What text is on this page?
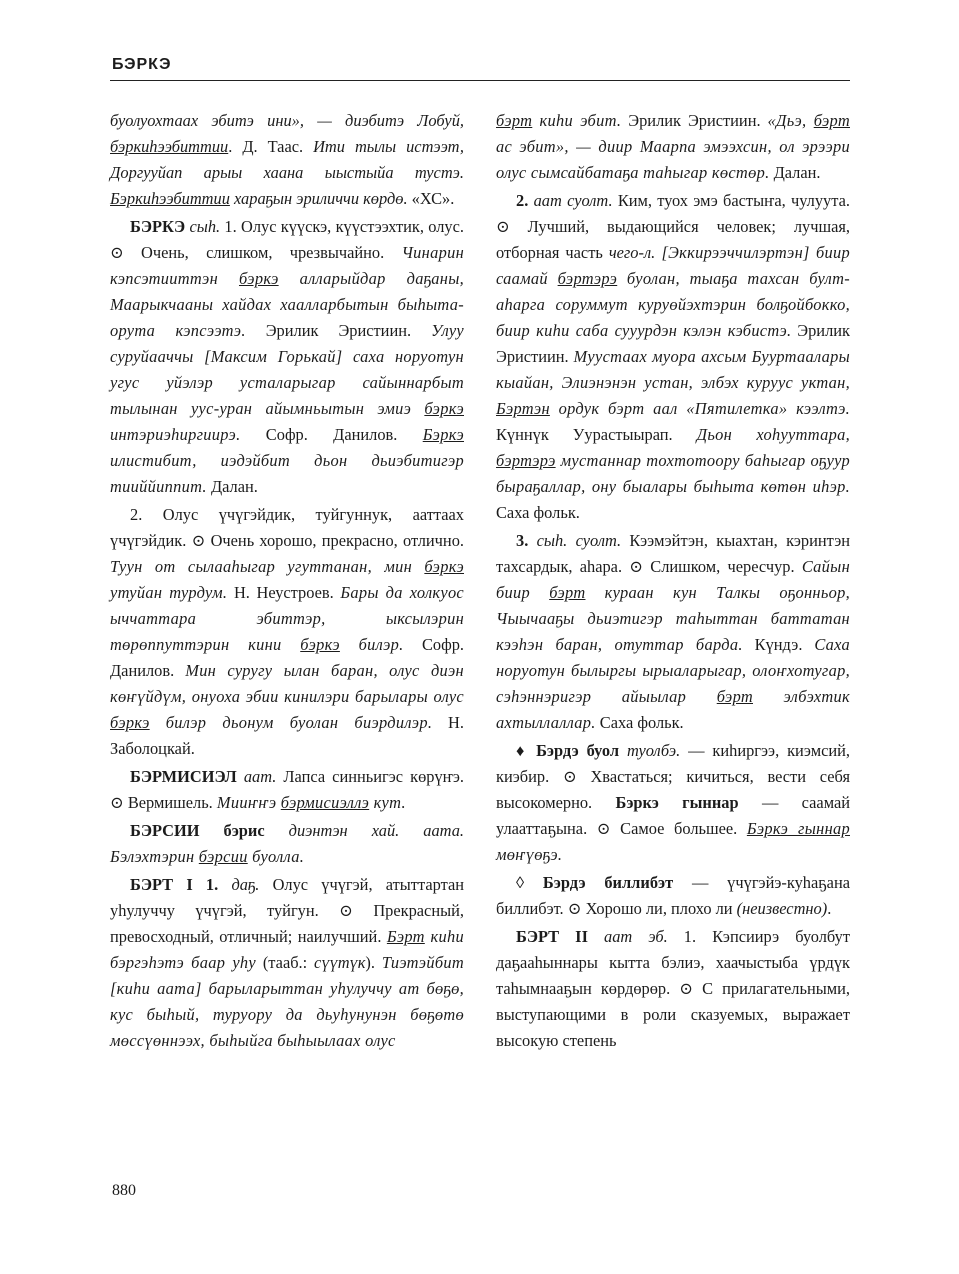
БЭРКЭ

буолуохтаах эбитэ ини», — диэбитэ Лобуй, бэркиһээбиттии. Д. Таас. Ити тылы истээт, Доргууйап арыы хаана ыыстыйа тустэ. Бэркиһээбиттии хараҕын эриличчи көрдө. «ХС».

БЭРКЭ сыһ. 1. Олус күүскэ, күүстээхтик, олус. ⊙ Очень, слишком, чрезвычайно. Чинарин кэпсэтииттэн бэркэ алларыйдар даҕаны, Маарыкчааны хайдах хаалларбытын быһыта-орута кэпсээтэ. Эрилик Эристиин. Улуу суруйааччы [Максим Горькай] саха норуотун угус уйэлэр усталарыгар сайыннарбыт тылынан уус-уран айымньытын эмиэ бэркэ интэриэһиргиирэ. Софр. Данилов. Бэркэ илистибит, иэдэйбит дьон дьиэбитигэр тииййиппит. Далан.

2. Олус үчүгэйдик, туйгуннук, ааттаах үчүгэйдик. ⊙ Очень хорошо, прекрасно, отлично. Туун от сылааһыгар угуттанан, мин бэркэ утуйан турдум. Н. Неустроев. Бары да холкуос ыччаттара эбиттэр, ыксылэрин төрөппуттэрин кини бэркэ билэр. Софр. Данилов. Мин суругу ылан баран, олус диэн көҥүйдүм, онуоха эбии кинилэри барылары олус бэркэ билэр дьонум буолан биэрдилэр. Н. Заболоцкай.

БЭРМИСИЭЛ аат. Лапса синньигэс көрүҥэ. ⊙ Вермишель. Мииҥҥэ бэрмисиэллэ кут.

БЭРСИИ бэрис диэнтэн хай. аата. Бэлэхтэрин бэрсии буолла.

БЭРТ I 1. даҕ. Олус үчүгэй, атыттартан уһулуччу үчүгэй, туйгун. ⊙ Прекрасный, превосходный, отличный; наилучший. Бэрт киһи бэргэһэтэ баар уһу (тааб.: сүүтүк). Тиэтэйбит [киһи аата] барыларыттан уһулуччу ат бөҕө, кус быһый, туруору да дьуһунунэн бөҕөтө мөссүөннээх, быһыйга быһыылаах олус

бэрт киһи эбит. Эрилик Эристиин. «Дьэ, бэрт ас эбит», — диир Маарпа эмээхсин, ол эрээри олус сымсайбатаҕа таһыгар көстөр. Далан.

2. аат суолт. Ким, туох эмэ бастыҥа, чулуута. ⊙ Лучший, выдающийся человек; лучшая, отборная часть чего-л. [Эккирээччилэртэн] биир саамай бэртэрэ буолан, тыаҕа тахсан булт-аһарга соруммут куруөйэхтэрин болҕойбокко, биир киһи саба сууурдэн кэлэн кэбистэ. Эрилик Эристиин. Муустаах муора ахсым Бууртаалары кыайан, Элиэнэнэн устан, элбэх куруус уктан, Бэртэн ордук бэрт аал «Пятилетка» кээлтэ. Күннүк Уурастыырап. Дьон хоһууттара, бэртэрэ мустаннар тохтотоору баһыгар оҕуур быраҕаллар, ону быалары быһыта көтөн иһэр. Саха фольк.

3. сыһ. суолт. Кээмэйтэн, кыахтан, кэринтэн тахсардык, аһара. ⊙ Слишком, чересчур. Сайын биир бэрт кураан кун Талкы оҕонньор, Чыычааҕы дьиэтигэр таһыттан баттатан кээһэн баран, отуттар барда. Күндэ. Саха норуотун былыргы ырыаларыгар, олоҥхотугар, сэһэннэригэр айыылар бэрт элбэхтик ахтыллаллар. Саха фольк.

♦ Бэрдэ буол туолбэ. — киһиргээ, киэмсий, киэбир. ⊙ Хвастаться; кичиться, вести себя высокомерно. Бэркэ гыннар — саамай улааттаҕына. ⊙ Самое большее. Бэркэ гыннар мөҥүөҕэ.

◊ Бэрдэ биллибэт — үчүгэйэ-куһаҕана биллибэт. ⊙ Хорошо ли, плохо ли (неизвестно).

БЭРТ II аат эб. 1. Кэпсиирэ буолбут даҕааһыннары кытта бэлиэ, хаачыстыба үрдүк таһымнааҕын көрдөрөр. ⊙ С прилагательными, выступающими в роли сказуемых, выражает высокую степень

880
